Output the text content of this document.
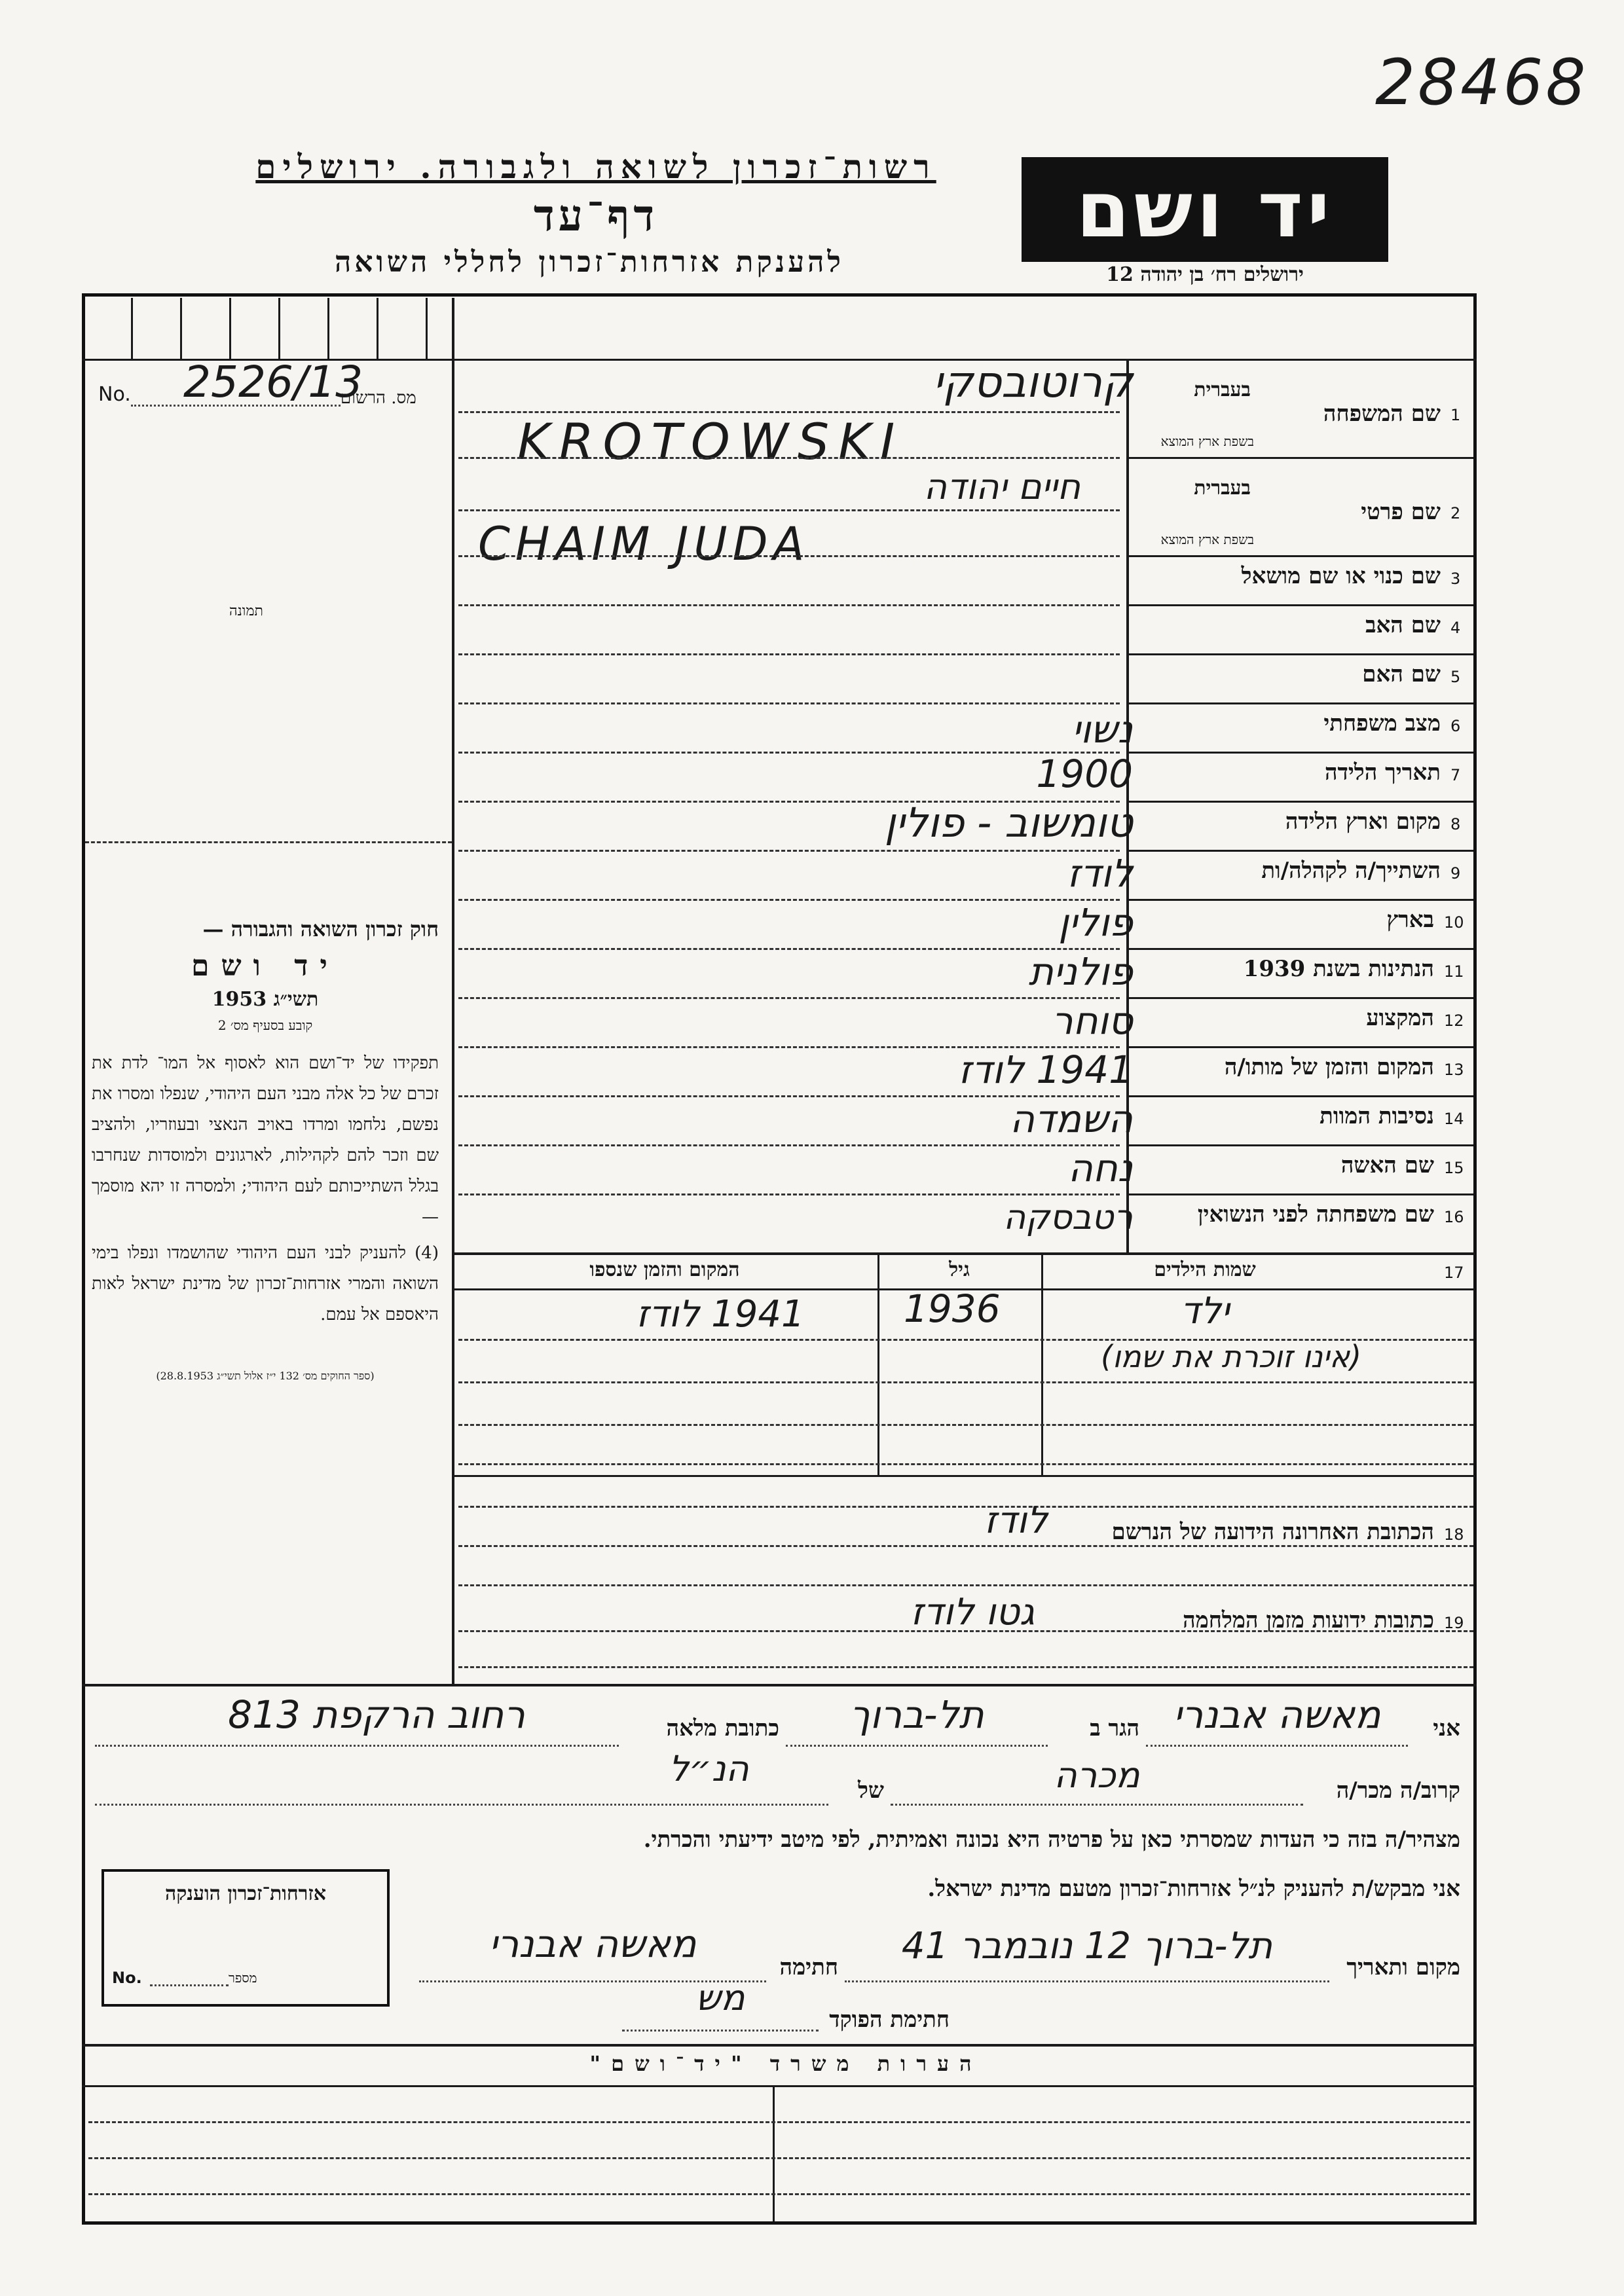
28468
רשות־זכרון לשואה ולגבורה. ירושלים
דף־עד
להענקת אזרחות־זכרון לחללי השואה
יד ושם
ירושלים רח׳ בן יהודה 12
No.	מס. הרשום
2526/13
תמונה
חוק זכרון השואה והגבורה —
יד ושם
תשי״ג 1953
קובע בסעיף מס׳ 2
תפקידו של יד־ושם הוא לאסוף אל המו־ לדת את זכרם של כל אלה מבני העם היהודי, שנפלו ומסרו את נפשם, נלחמו ומרדו באויב הנאצי ובעוזריו, ולהציב שם וזכר להם לקהילות, לארגונים ולמוסדות שנחרבו בגלל השתייכותם לעם היהודי; ולמסרה זו יהא מוסמך —
(4) להעניק לבני העם היהודי שהושמדו ונפלו בימי השואה והמרי אזרחות־זכרון של מדינת ישראל לאות היאספם אל עמם.
(ספר החוקים מס׳ 132 י״ז אלול תשי״ג 28.8.1953)
1
שם המשפחה
בעברית
בשפת ארץ המוצא
קרוטובסקי
KROTOWSKI
2
שם פרטי
בעברית
בשפת ארץ המוצא
חיים יהודה
CHAIM JUDA
3
שם כנוי או שם מושאל
4
שם האב
5
שם האם
6
מצב משפחתי
7
תאריך הלידה
8
מקום וארץ הלידה
9
השתייך/ה לקהלה/ות
10
בארץ
11
הנתינות בשנת 1939
12
המקצוע
13
המקום והזמן של מותו/ה
14
נסיבות המוות
15
שם האשה
16
שם משפחתה לפני הנשואין
נשוי
1900
טומשוב - פולין
לודז
פולין
פולנית
סוחר
1941 לודז
השמדה
נחה
רטבסקה
17
שמות הילדים
גיל
המקום והזמן שנספו
ילד
1936
1941 לודז
(אינו זוכרת את שמו)
18
הכתובת האחרונה הידועה של הנרשם
לודז
19
כתובות ידועות מזמן המלחמה
גטו לודז
אני
מאשה אבנרי
הגר ב
תל-ברוך
כתובת מלאה
רחוב הרקפת 813
קרוב/ה מכר/ה
מכרה
של
הנ״ל
מצהיר/ה בזה כי העדות שמסרתי כאן על פרטיה היא נכונה ואמיתית, לפי מיטב ידיעתי והכרתי.
אני מבקש/ת להעניק לנ״ל אזרחות־זכרון מטעם מדינת ישראל.
מקום ותאריך
תל-ברוך 12 נובמבר 41
חתימה
מאשה אבנרי
חתימת הפוקד
מש
אזרחות־זכרון הוענקה
No.	מספר
הערות משרד "יד־ושם"
